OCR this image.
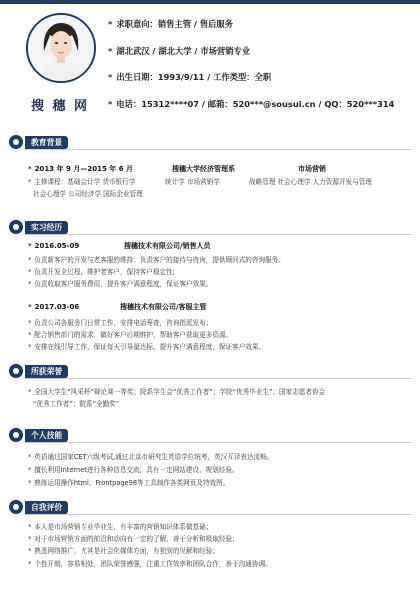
搜 穗 网
* 求职意向：销售主管 / 售后服务
* 湖北武汉 / 湖北大学 / 市场营销专业
* 出生日期：1993/9/11 / 工作类型：全职
* 电话：15312****07 / 邮箱：520***@sousui.cn / QQ：520***314
教育背景
* 2013 年 9 月—2015 年 6 月	搜穗大学经济管理系	市场营销
* 主修课程：基础会计学 货币银行学	统计学 市场营销学	战略管理 社会心理学 人力资源开发与管理
社会心理学 公司经济学 国际企业管理
实习经历
* 2016.05-09	搜穗技术有限公司/销售人员
* 负责新客户的开发与老客服的维持；负责客户的接待与咨询，提供顾问式的咨询服务；
* 负责开发全过程，维护老客户，保持客户稳定性;
* 负责收取客户服务费用，提升客户满意程度，保证客户效果。
* 2017.03-06	搜穗技术有限公司/客服主管
* 负责公司各服务门日常工作，安排电话筹查，咨询指派发布；
* 配合销售部门的需求，做好客户后期维护，帮助客户获取更多资源。
* 安排在线引导工作，保证每天引导量达标，提升客户满意程度，保证客户效果。
所获荣誉
* 全国大学生“风采杯”辩论赛一等奖；院系学生会“优秀工作者”；学院“优秀毕业生”；国家志愿者协会
“优秀工作者”；院系“全勤奖”
个人技能
* 英语通过国家CET六级考试,通过北京市研究生英语学位统考，英汉互译表达流畅。
* 擅长利用Internet进行各种信息交流，具有一定网站建设、规划经验。
* 熟练运用操作html、Frontpage98等工具制作各类网页及特效图。
自我评价
* 本人是市场营销专业毕业生，有丰富的营销知识体系做基础；
* 对于市场营销方面的前沿和动向有一定的了解，善于分析和吸取经验；
* 熟悉网络推广，尤其是社会化媒体方面，有独到的见解和经验；
* 个性开朗，容易相处，团队荣誉感强，注重工作效率和团队合作，善于沟通协调。
